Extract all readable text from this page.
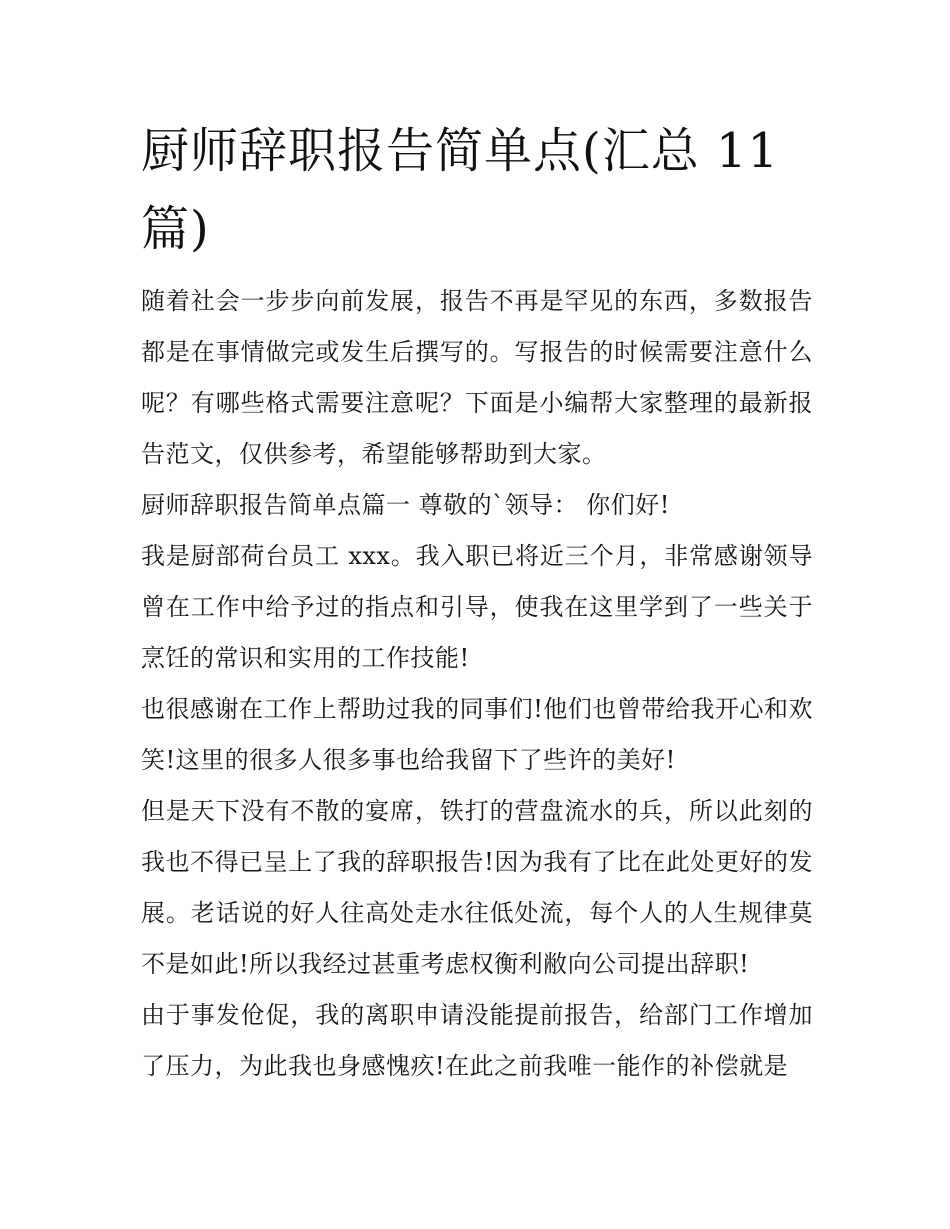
厨师辞职报告简单点(汇总 11 篇)

随着社会一步步向前发展，报告不再是罕见的东西，多数报告都是在事情做完或发生后撰写的。写报告的时候需要注意什么呢？有哪些格式需要注意呢？下面是小编帮大家整理的最新报告范文，仅供参考，希望能够帮助到大家。

厨师辞职报告简单点篇一 尊敬的`领导： 你们好!

我是厨部荷台员工 xxx。我入职已将近三个月，非常感谢领导曾在工作中给予过的指点和引导，使我在这里学到了一些关于烹饪的常识和实用的工作技能!

也很感谢在工作上帮助过我的同事们!他们也曾带给我开心和欢笑!这里的很多人很多事也给我留下了些许的美好!

但是天下没有不散的宴席，铁打的营盘流水的兵，所以此刻的我也不得已呈上了我的辞职报告!因为我有了比在此处更好的发展。老话说的好人往高处走水往低处流，每个人的人生规律莫不是如此!所以我经过甚重考虑权衡利敝向公司提出辞职!

由于事发伧促，我的离职申请没能提前报告，给部门工作增加了压力，为此我也身感愧疚!在此之前我唯一能作的补偿就是
